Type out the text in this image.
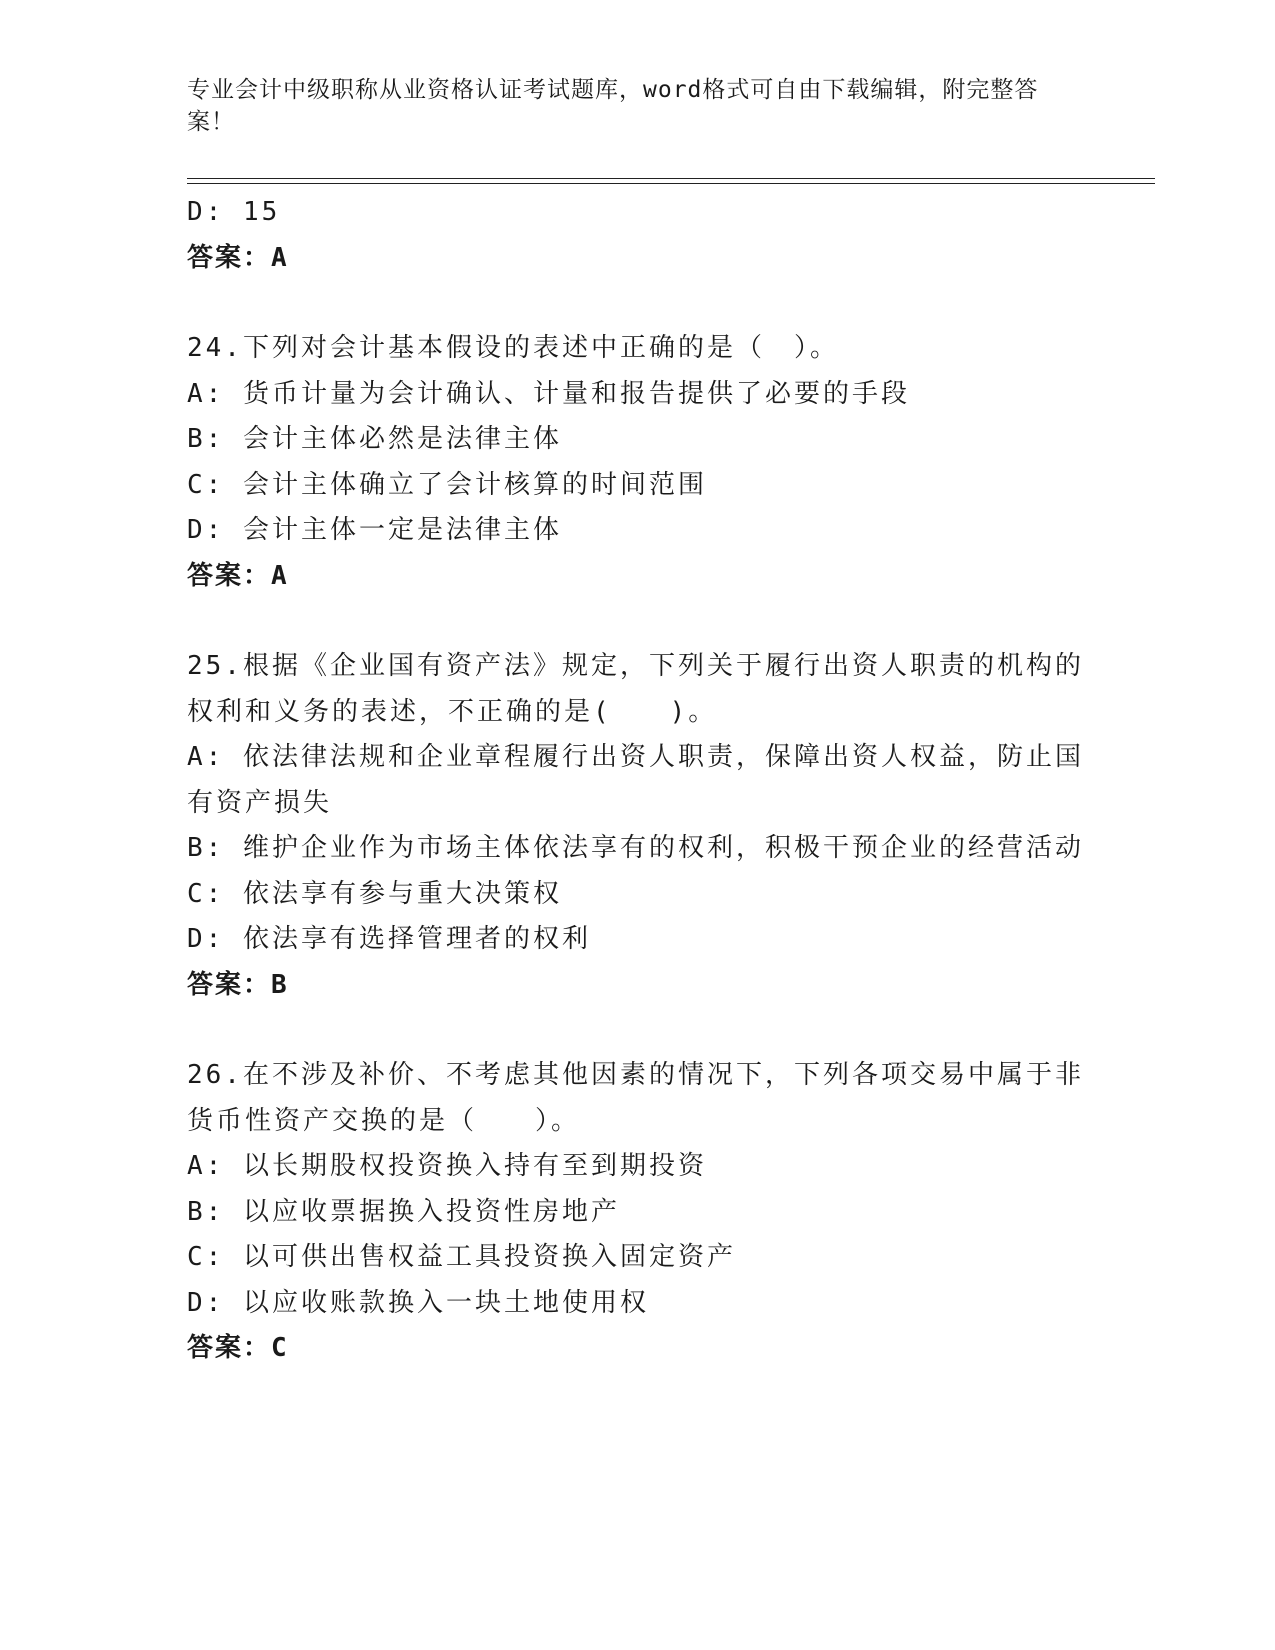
专业会计中级职称从业资格认证考试题库，word格式可自由下载编辑，附完整答案！

D: 15

答案：A

24.下列对会计基本假设的表述中正确的是（　）。

A: 货币计量为会计确认、计量和报告提供了必要的手段

B: 会计主体必然是法律主体

C: 会计主体确立了会计核算的时间范围

D: 会计主体一定是法律主体

答案：A

25.根据《企业国有资产法》规定，下列关于履行出资人职责的机构的权利和义务的表述，不正确的是(　　)。

A: 依法律法规和企业章程履行出资人职责，保障出资人权益，防止国有资产损失

B: 维护企业作为市场主体依法享有的权利，积极干预企业的经营活动

C: 依法享有参与重大决策权

D: 依法享有选择管理者的权利

答案：B

26.在不涉及补价、不考虑其他因素的情况下，下列各项交易中属于非货币性资产交换的是（　　）。

A: 以长期股权投资换入持有至到期投资

B: 以应收票据换入投资性房地产

C: 以可供出售权益工具投资换入固定资产

D: 以应收账款换入一块土地使用权

答案：C
